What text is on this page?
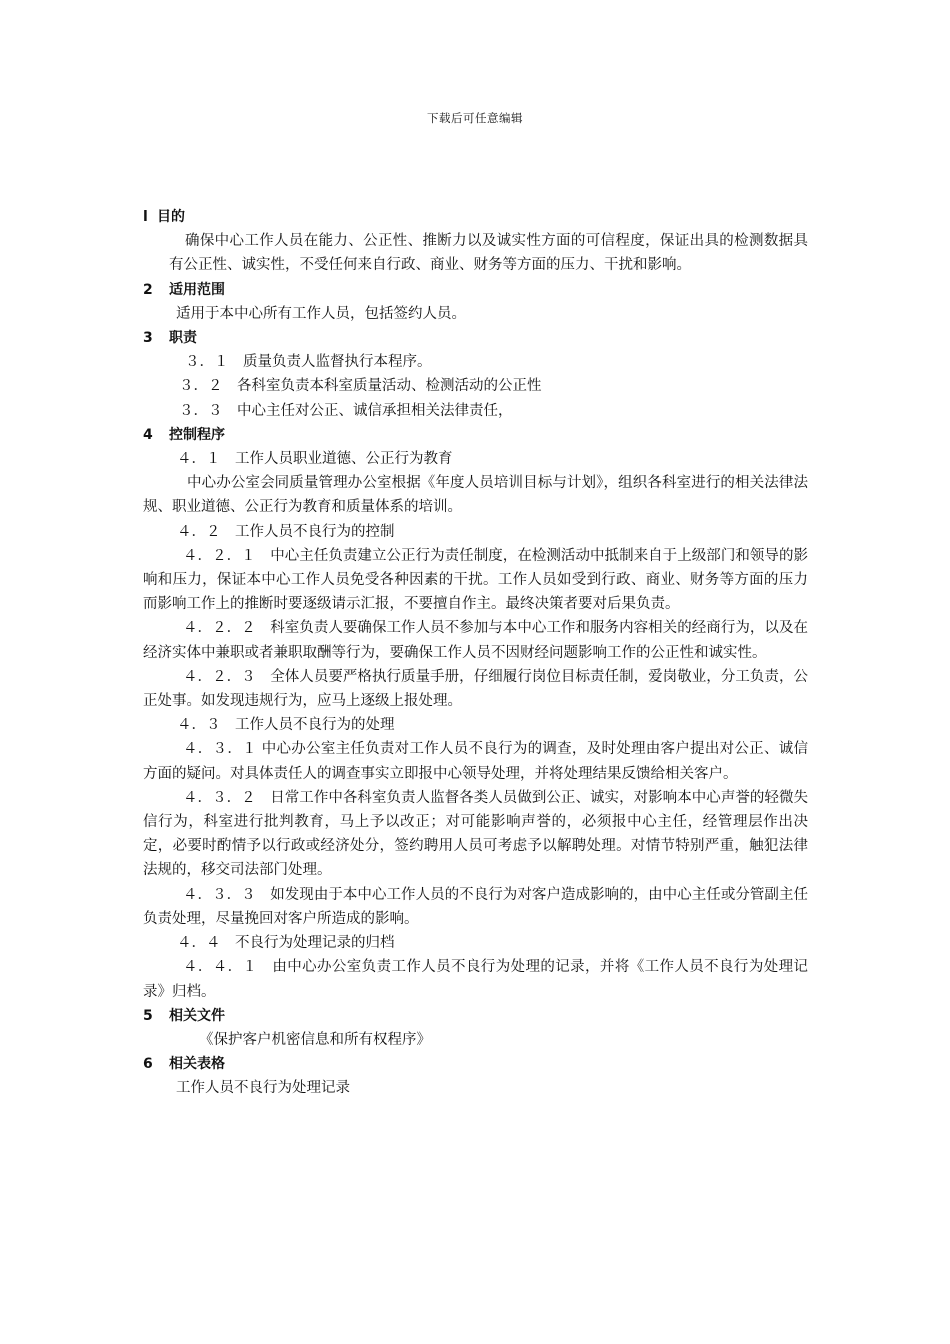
下载后可任意编辑
l 目的
确保中心工作人员在能力、公正性、推断力以及诚实性方面的可信程度，保证出具的检测数据具有公正性、诚实性，不受任何来自行政、商业、财务等方面的压力、干扰和影响。
2 适用范围
适用于本中心所有工作人员，包括签约人员。
3 职责
３．１　质量负责人监督执行本程序。
３．２　各科室负责本科室质量活动、检测活动的公正性
３．３　中心主任对公正、诚信承担相关法律责任，
4 控制程序
４．１　工作人员职业道德、公正行为教育
中心办公室会同质量管理办公室根据《年度人员培训目标与计划》，组织各科室进行的相关法律法规、职业道德、公正行为教育和质量体系的培训。
４．２　工作人员不良行为的控制
４．２．１　中心主任负责建立公正行为责任制度，在检测活动中抵制来自于上级部门和领导的影响和压力，保证本中心工作人员免受各种因素的干扰。工作人员如受到行政、商业、财务等方面的压力而影响工作上的推断时要逐级请示汇报，不要擅自作主。最终决策者要对后果负责。
４．２．２　科室负责人要确保工作人员不参加与本中心工作和服务内容相关的经商行为，以及在经济实体中兼职或者兼职取酬等行为，要确保工作人员不因财经问题影响工作的公正性和诚实性。
４．２．３　全体人员要严格执行质量手册，仔细履行岗位目标责任制，爱岗敬业，分工负责，公正处事。如发现违规行为，应马上逐级上报处理。
４．３　工作人员不良行为的处理
４．３．１ 中心办公室主任负责对工作人员不良行为的调查，及时处理由客户提出对公正、诚信方面的疑问。对具体责任人的调查事实立即报中心领导处理，并将处理结果反馈给相关客户。
４．３．２　日常工作中各科室负责人监督各类人员做到公正、诚实，对影响本中心声誉的轻微失信行为，科室进行批判教育，马上予以改正；对可能影响声誉的，必须报中心主任，经管理层作出决定，必要时酌情予以行政或经济处分，签约聘用人员可考虑予以解聘处理。对情节特别严重，触犯法律法规的，移交司法部门处理。
４．３．３　如发现由于本中心工作人员的不良行为对客户造成影响的，由中心主任或分管副主任负责处理，尽量挽回对客户所造成的影响。
４．４　不良行为处理记录的归档
４．４．１　由中心办公室负责工作人员不良行为处理的记录，并将《工作人员不良行为处理记录》归档。
5 相关文件
《保护客户机密信息和所有权程序》
6 相关表格
工作人员不良行为处理记录
